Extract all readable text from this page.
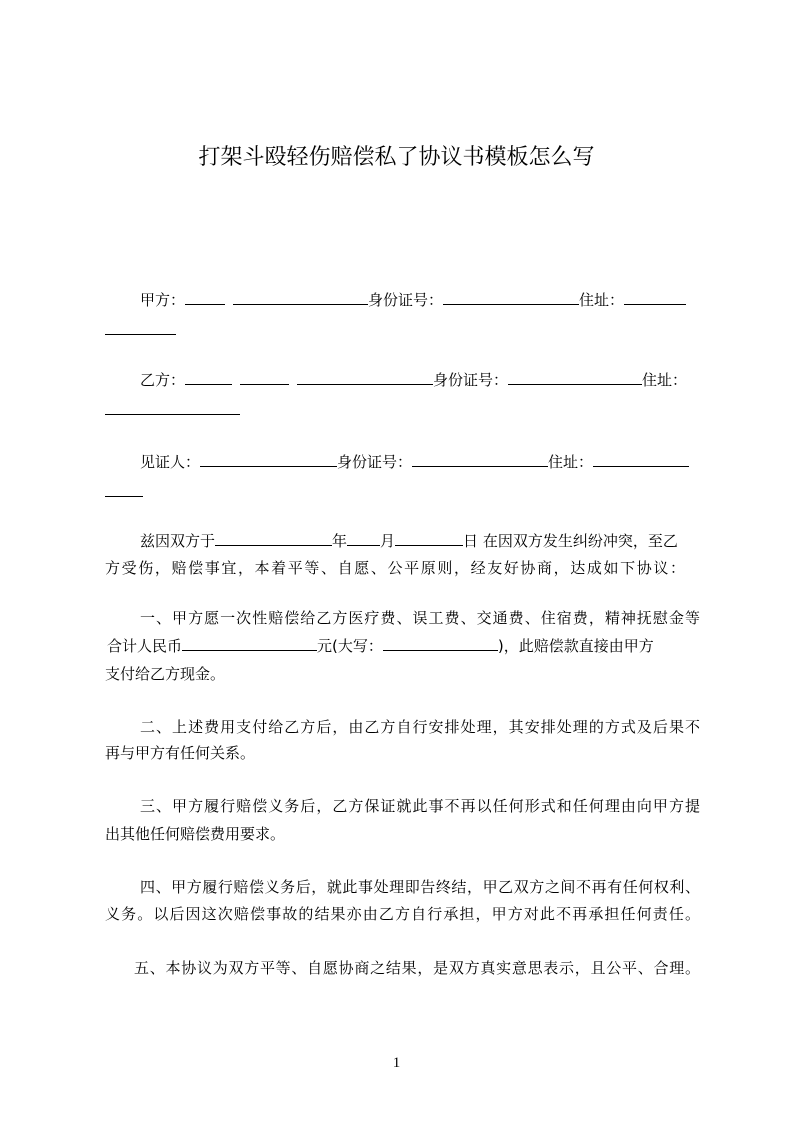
打架斗殴轻伤赔偿私了协议书模板怎么写
甲方：	身份证号：	住址：
乙方：	身份证号：	住址：
见证人：	身份证号：	住址：
兹因双方于	年 月	日 在因双方发生纠纷冲突，至乙
方受伤，赔偿事宜，本着平等、自愿、公平原则，经友好协商，达成如下协议：
一、甲方愿一次性赔偿给乙方医疗费、误工费、交通费、住宿费，精神抚慰金等
合计人民币	元(大写：	)，此赔偿款直接由甲方
支付给乙方现金。
二、上述费用支付给乙方后，由乙方自行安排处理，其安排处理的方式及后果不
再与甲方有任何关系。
三、甲方履行赔偿义务后，乙方保证就此事不再以任何形式和任何理由向甲方提
出其他任何赔偿费用要求。
四、甲方履行赔偿义务后，就此事处理即告终结，甲乙双方之间不再有任何权利、
义务。以后因这次赔偿事故的结果亦由乙方自行承担，甲方对此不再承担任何责任。
五、本协议为双方平等、自愿协商之结果，是双方真实意思表示，且公平、合理。
1
